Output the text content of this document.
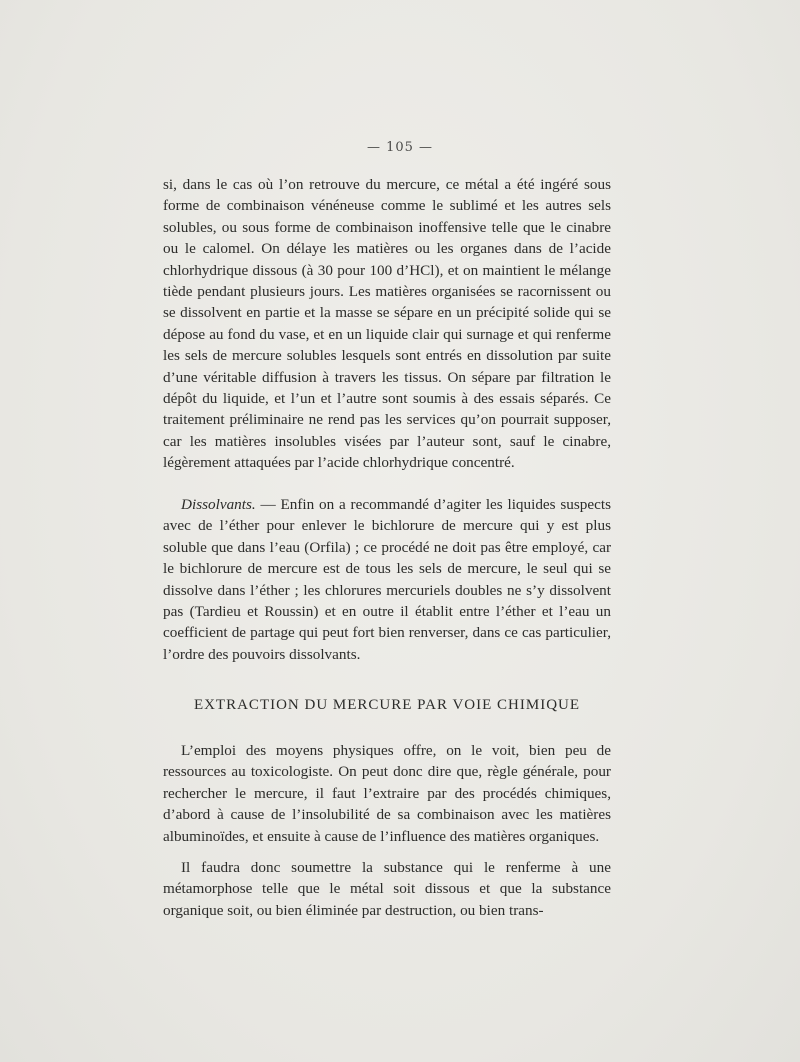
— 105 —

si, dans le cas où l’on retrouve du mercure, ce métal a été ingéré sous forme de combinaison vénéneuse comme le sublimé et les autres sels solubles, ou sous forme de combinaison inoffensive telle que le cinabre ou le calomel. On délaye les matières ou les organes dans de l’acide chlorhydrique dissous (à 30 pour 100 d’HCl), et on maintient le mélange tiède pendant plusieurs jours. Les matières organisées se racornissent ou se dissolvent en partie et la masse se sépare en un précipité solide qui se dépose au fond du vase, et en un liquide clair qui surnage et qui renferme les sels de mercure solubles lesquels sont entrés en dissolution par suite d’une véritable diffusion à travers les tissus. On sépare par filtration le dépôt du liquide, et l’un et l’autre sont soumis à des essais séparés. Ce traitement préliminaire ne rend pas les services qu’on pourrait supposer, car les matières insolubles visées par l’auteur sont, sauf le cinabre, légèrement attaquées par l’acide chlorhydrique concentré.

Dissolvants. — Enfin on a recommandé d’agiter les liquides suspects avec de l’éther pour enlever le bichlorure de mercure qui y est plus soluble que dans l’eau (Orfila) ; ce procédé ne doit pas être employé, car le bichlorure de mercure est de tous les sels de mercure, le seul qui se dissolve dans l’éther ; les chlorures mercuriels doubles ne s’y dissolvent pas (Tardieu et Roussin) et en outre il établit entre l’éther et l’eau un coefficient de partage qui peut fort bien renverser, dans ce cas particulier, l’ordre des pouvoirs dissolvants.

EXTRACTION DU MERCURE PAR VOIE CHIMIQUE

L’emploi des moyens physiques offre, on le voit, bien peu de ressources au toxicologiste. On peut donc dire que, règle générale, pour rechercher le mercure, il faut l’extraire par des procédés chimiques, d’abord à cause de l’insolubilité de sa combinaison avec les matières albuminoïdes, et ensuite à cause de l’influence des matières organiques.

Il faudra donc soumettre la substance qui le renferme à une métamorphose telle que le métal soit dissous et que la substance organique soit, ou bien éliminée par destruction, ou bien trans-
